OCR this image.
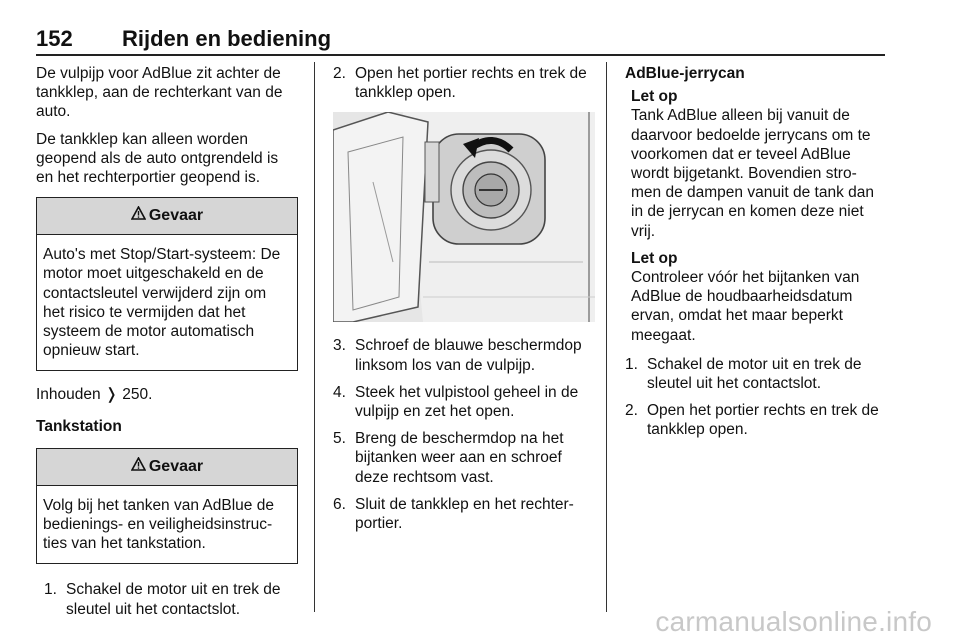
152 Rijden en bediening

De vulpijp voor AdBlue zit achter de tankklep, aan de rechterkant van de auto.

De tankklep kan alleen worden geopend als de auto ontgrendeld is en het rechterportier geopend is.

Gevaar
Auto's met Stop/Start-systeem: De motor moet uitgeschakeld en de contactsleutel verwijderd zijn om het risico te vermijden dat het systeem de motor automatisch opnieuw start.

Inhouden ❭ 250.

Tankstation

Gevaar
Volg bij het tanken van AdBlue de bedienings- en veiligheidsinstruc- ties van het tankstation.
1. Schakel de motor uit en trek de sleutel uit het contactslot.
2. Open het portier rechts en trek de tankklep open.
3. Schroef de blauwe beschermdop linksom los van de vulpijp.
4. Steek het vulpistool geheel in de vulpijp en zet het open.
5. Breng de beschermdop na het bijtanken weer aan en schroef deze rechtsom vast.
6. Sluit de tankklep en het rechter- portier.
AdBlue-jerrycan
Let op
Tank AdBlue alleen bij vanuit de daarvoor bedoelde jerrycans om te voorkomen dat er teveel AdBlue wordt bijgetankt. Bovendien stro- men de dampen vanuit de tank dan in de jerrycan en komen deze niet vrij.
Let op
Controleer vóór het bijtanken van AdBlue de houdbaarheidsdatum ervan, omdat het maar beperkt meegaat.
1. Schakel de motor uit en trek de sleutel uit het contactslot.
2. Open het portier rechts en trek de tankklep open.
carmanualsonline.info
